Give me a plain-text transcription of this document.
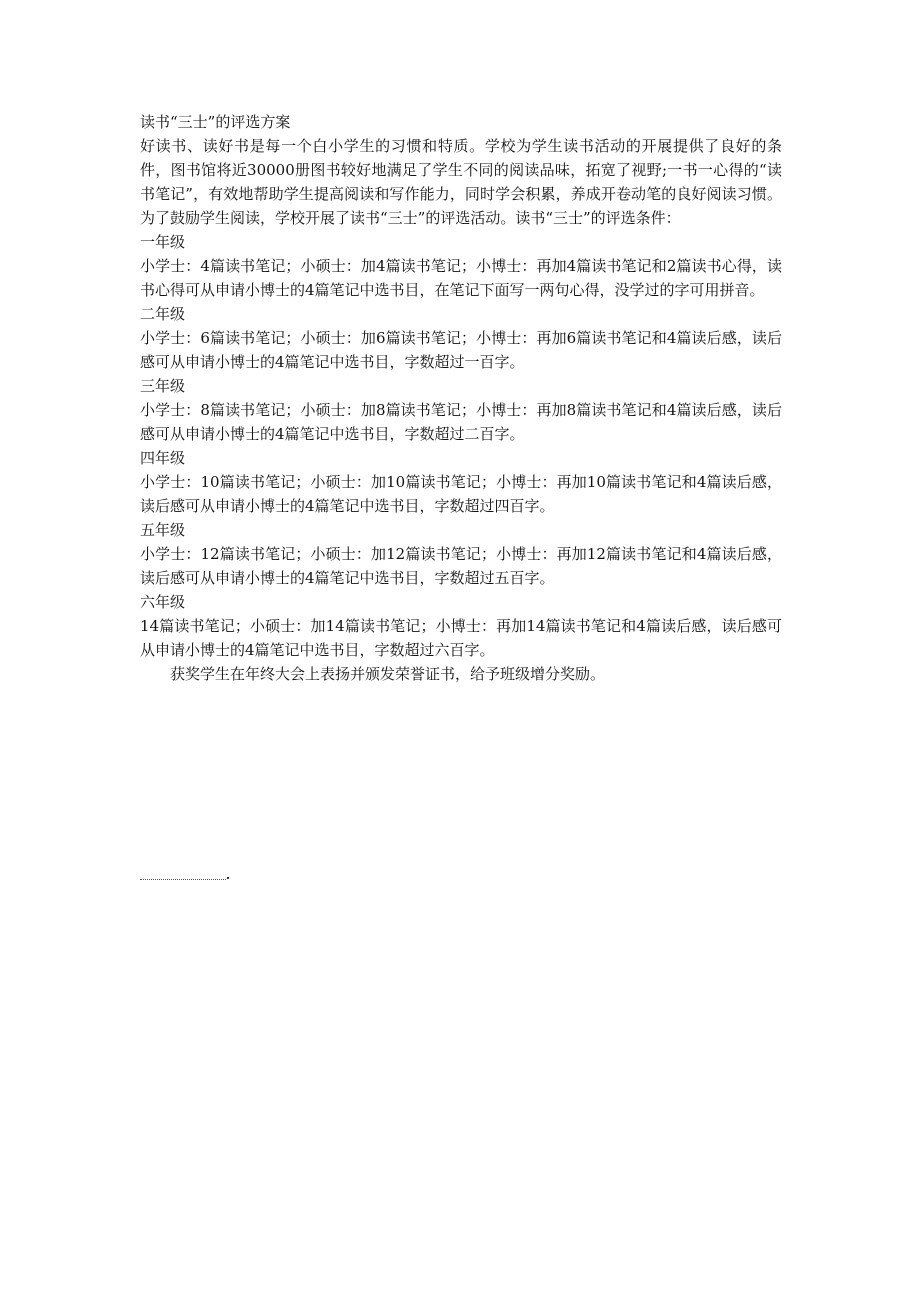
读书“三士”的评选方案

好读书、读好书是每一个白小学生的习惯和特质。学校为学生读书活动的开展提供了良好的条件，图书馆将近30000册图书较好地满足了学生不同的阅读品味，拓宽了视野;一书一心得的“读书笔记”，有效地帮助学生提高阅读和写作能力，同时学会积累，养成开卷动笔的良好阅读习惯。为了鼓励学生阅读，学校开展了读书“三士”的评选活动。读书“三士”的评选条件：

一年级

小学士：4篇读书笔记；小硕士：加4篇读书笔记；小博士：再加4篇读书笔记和2篇读书心得，读书心得可从申请小博士的4篇笔记中选书目，在笔记下面写一两句心得，没学过的字可用拼音。

二年级

小学士：6篇读书笔记；小硕士：加6篇读书笔记；小博士：再加6篇读书笔记和4篇读后感，读后感可从申请小博士的4篇笔记中选书目，字数超过一百字。

三年级

小学士：8篇读书笔记；小硕士：加8篇读书笔记；小博士：再加8篇读书笔记和4篇读后感，读后感可从申请小博士的4篇笔记中选书目，字数超过二百字。

四年级

小学士：10篇读书笔记；小硕士：加10篇读书笔记；小博士：再加10篇读书笔记和4篇读后感，读后感可从申请小博士的4篇笔记中选书目，字数超过四百字。

五年级

小学士：12篇读书笔记；小硕士：加12篇读书笔记；小博士：再加12篇读书笔记和4篇读后感，读后感可从申请小博士的4篇笔记中选书目，字数超过五百字。

六年级

14篇读书笔记；小硕士：加14篇读书笔记；小博士：再加14篇读书笔记和4篇读后感，读后感可从申请小博士的4篇笔记中选书目，字数超过六百字。

获奖学生在年终大会上表扬并颁发荣誉证书，给予班级增分奖励。
